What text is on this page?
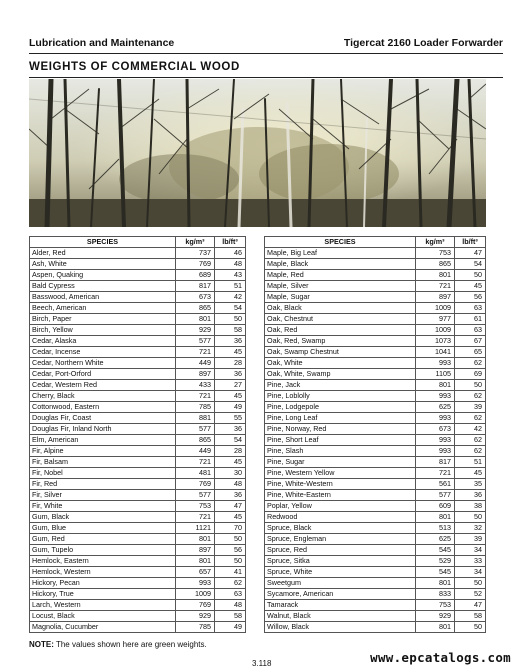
Lubrication and Maintenance	Tigercat 2160 Loader Forwarder
WEIGHTS OF COMMERCIAL WOOD
SPECIES	kg/m³	lb/ft³
Alder, Red	737	46
Ash, White	769	48
Aspen, Quaking	689	43
Bald Cypress	817	51
Basswood, American	673	42
Beech, American	865	54
Birch, Paper	801	50
Birch, Yellow	929	58
Cedar, Alaska	577	36
Cedar, Incense	721	45
Cedar, Northern White	449	28
Cedar, Port-Orford	897	36
Cedar, Western Red	433	27
Cherry, Black	721	45
Cottonwood, Eastern	785	49
Douglas Fir, Coast	881	55
Douglas Fir, Inland North	577	36
Elm, American	865	54
Fir, Alpine	449	28
Fir, Balsam	721	45
Fir, Nobel	481	30
Fir, Red	769	48
Fir, Silver	577	36
Fir, White	753	47
Gum, Black	721	45
Gum, Blue	1121	70
Gum, Red	801	50
Gum, Tupelo	897	56
Hemlock, Eastern	801	50
Hemlock, Western	657	41
Hickory, Pecan	993	62
Hickory, True	1009	63
Larch, Western	769	48
Locust, Black	929	58
Magnolia, Cucumber	785	49
SPECIES	kg/m³	lb/ft³
Maple, Big Leaf	753	47
Maple, Black	865	54
Maple, Red	801	50
Maple, Silver	721	45
Maple, Sugar	897	56
Oak, Black	1009	63
Oak, Chestnut	977	61
Oak, Red	1009	63
Oak, Red, Swamp	1073	67
Oak, Swamp Chestnut	1041	65
Oak, White	993	62
Oak, White, Swamp	1105	69
Pine, Jack	801	50
Pine, Loblolly	993	62
Pine, Lodgepole	625	39
Pine, Long Leaf	993	62
Pine, Norway, Red	673	42
Pine, Short Leaf	993	62
Pine, Slash	993	62
Pine, Sugar	817	51
Pine, Western Yellow	721	45
Pine, White-Western	561	35
Pine, White-Eastern	577	36
Poplar, Yellow	609	38
Redwood	801	50
Spruce, Black	513	32
Spruce, Engleman	625	39
Spruce, Red	545	34
Spruce, Sitka	529	33
Spruce, White	545	34
Sweetgum	801	50
Sycamore, American	833	52
Tamarack	753	47
Walnut, Black	929	58
Willow, Black	801	50
NOTE: The values shown here are green weights.
3.118	www.epcatalogs.com
